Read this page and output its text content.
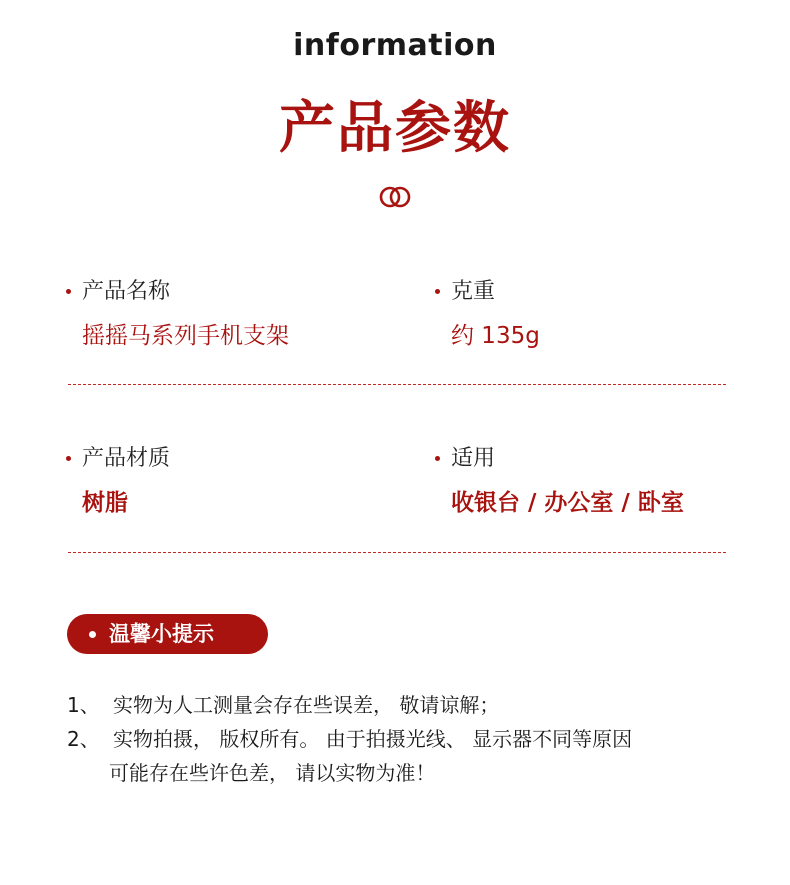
information
产品参数
产品名称
摇摇马系列手机支架
克重
约 135g
产品材质
树脂
适用
收银台 / 办公室 / 卧室
温馨小提示
1、 实物为人工测量会存在些误差， 敬请谅解；
2、 实物拍摄， 版权所有。 由于拍摄光线、 显示器不同等原因
可能存在些许色差， 请以实物为准！
